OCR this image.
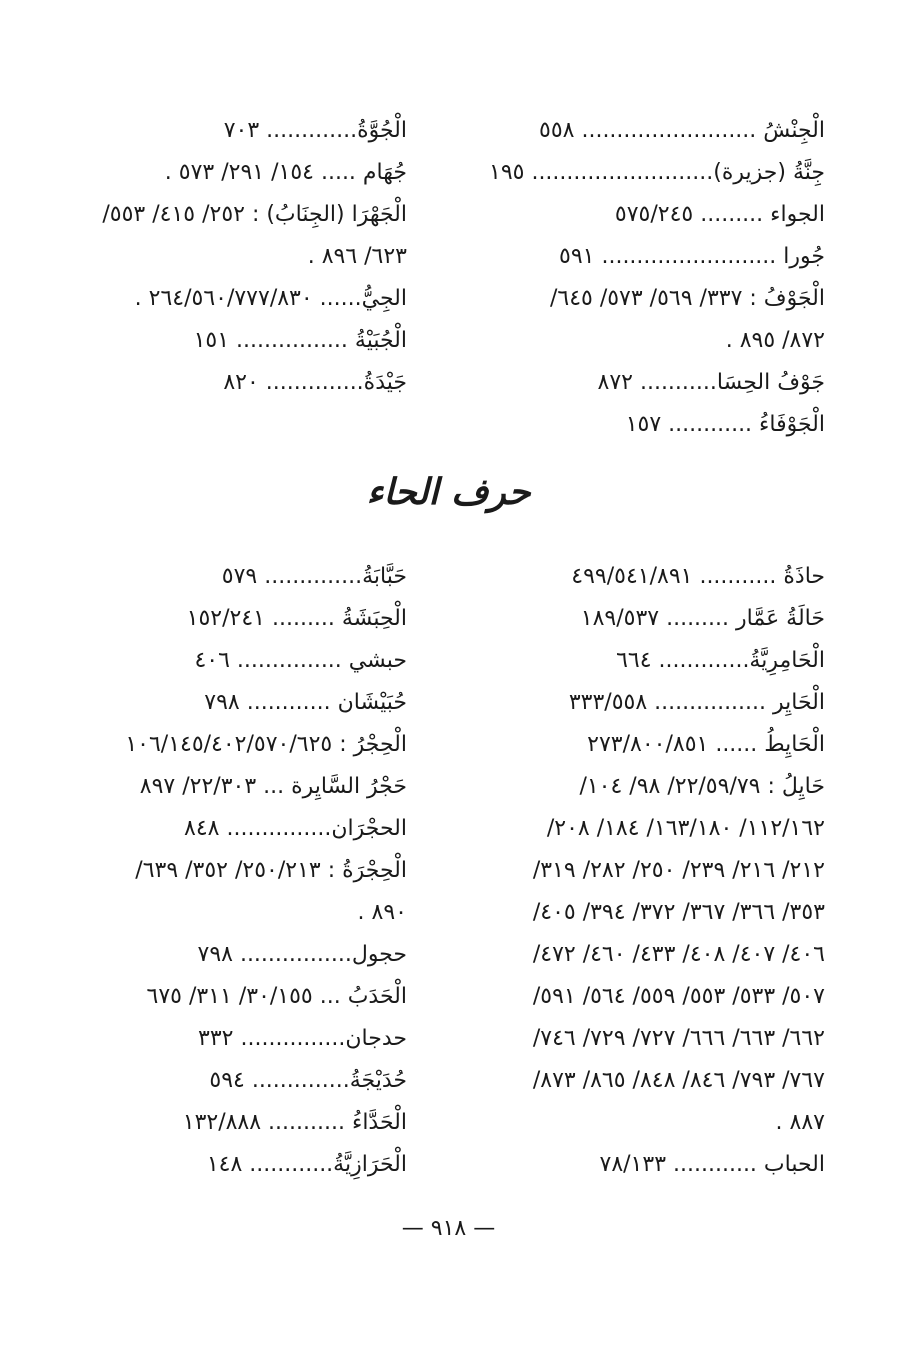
الْجِنْشُ ......................... ٥٥٨
جِنَّةُ (جزيرة).......................... ١٩٥
الجواء ......... ٥٧٥/٢٤٥
جُورا ......................... ٥٩١
الْجَوْفُ : ٣٣٧/ ٥٦٩/ ٥٧٣/ ٦٤٥/
٨٧٢/ ٨٩٥ .
جَوْفُ الحِسَا........... ٨٧٢
الْجَوْفَاءُ ............ ١٥٧
الْجُوَّةُ............. ٧٠٣
جُهَام ..... ١٥٤/ ٢٩١/ ٥٧٣ .
الْجَهْرَا (الجِنَابُ) : ٢٥٢/ ٤١٥/ ٥٥٣/
٦٢٣/ ٨٩٦ .
الجِيُّ...... ٢٦٤/٥٦٠/٧٧٧/٨٣٠ .
الْجُبَيْةُ ................ ١٥١
جَيْدَةُ.............. ٨٢٠
حرف الحاء
حاذَةُ ........... ٤٩٩/٥٤١/٨٩١
حَالَةُ عَمَّار ......... ١٨٩/٥٣٧
الْحَامِرِيَّةُ............. ٦٦٤
الْحَايِر ................ ٣٣٣/٥٥٨
الْحَايِطُ ...... ٢٧٣/٨٠٠/٨٥١
حَايِلُ : ٢٢/٥٩/٧٩/ ٩٨/ ١٠٤/
١١٢/١٦٢/ ١٦٣/١٨٠/ ١٨٤/ ٢٠٨/
٢١٢/ ٢١٦/ ٢٣٩/ ٢٥٠/ ٢٨٢/ ٣١٩/
٣٥٣/ ٣٦٦/ ٣٦٧/ ٣٧٢/ ٣٩٤/ ٤٠٥/
٤٠٦/ ٤٠٧/ ٤٠٨/ ٤٣٣/ ٤٦٠/ ٤٧٢/
٥٠٧/ ٥٣٣/ ٥٥٣/ ٥٥٩/ ٥٦٤/ ٥٩١/
٦٦٢/ ٦٦٣/ ٦٦٦/ ٧٢٧/ ٧٢٩/ ٧٤٦/
٧٦٧/ ٧٩٣/ ٨٤٦/ ٨٤٨/ ٨٦٥/ ٨٧٣/
٨٨٧ .
الحباب ............ ٧٨/١٣٣
حَبَّابَةُ.............. ٥٧٩
الْحِبَشَةُ ......... ١٥٢/٢٤١
حبشي ............... ٤٠٦
حُبَيْشَان ............ ٧٩٨
الْحِجْرُ : ١٠٦/١٤٥/٤٠٢/٥٧٠/٦٢٥
حَجْرُ السَّايِرة ... ٢٢/٣٠٣/ ٨٩٧
الحجْرَان............... ٨٤٨
الْحِجْرَةُ : ٢٥٠/٢١٣/ ٣٥٢/ ٦٣٩/
٨٩٠ .
حجول................ ٧٩٨
الْحَدَبُ ... ٣٠/١٥٥/ ٣١١/ ٦٧٥
حدجان............... ٣٣٢
حُدَيْجَةُ.............. ٥٩٤
الْحَدَّاءُ ........... ١٣٢/٨٨٨
الْحَرَازِيَّةُ............ ١٤٨
— ٩١٨ —
